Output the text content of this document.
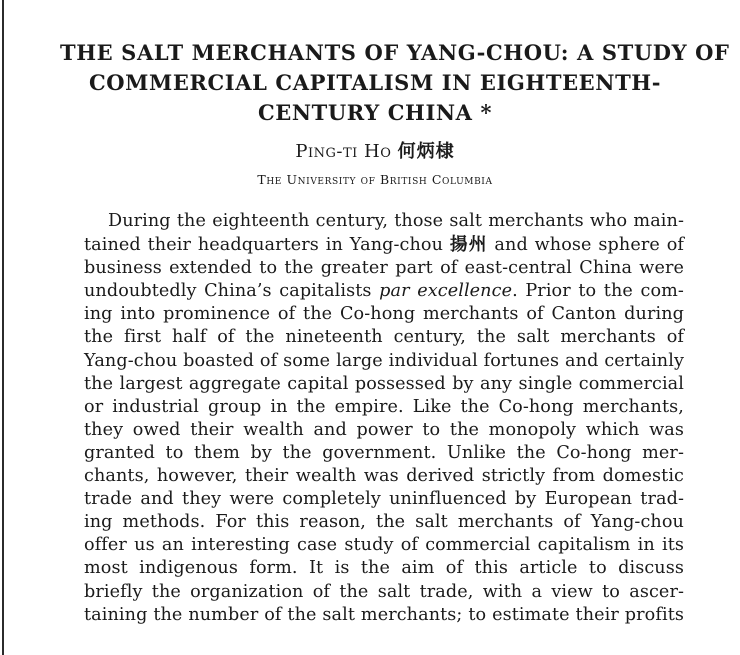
THE SALT MERCHANTS OF YANG-CHOU: A STUDY OF
COMMERCIAL CAPITALISM IN EIGHTEENTH-
CENTURY CHINA *
Ping-ti Ho 何炳棣
The University of British Columbia
During the eighteenth century, those salt merchants who main-
tained their headquarters in Yang-chou 揚州 and whose sphere of
business extended to the greater part of east-central China were
undoubtedly China’s capitalists par excellence. Prior to the com-
ing into prominence of the Co-hong merchants of Canton during
the first half of the nineteenth century, the salt merchants of
Yang-chou boasted of some large individual fortunes and certainly
the largest aggregate capital possessed by any single commercial
or industrial group in the empire. Like the Co-hong merchants,
they owed their wealth and power to the monopoly which was
granted to them by the government. Unlike the Co-hong mer-
chants, however, their wealth was derived strictly from domestic
trade and they were completely uninfluenced by European trad-
ing methods. For this reason, the salt merchants of Yang-chou
offer us an interesting case study of commercial capitalism in its
most indigenous form. It is the aim of this article to discuss
briefly the organization of the salt trade, with a view to ascer-
taining the number of the salt merchants; to estimate their profits
